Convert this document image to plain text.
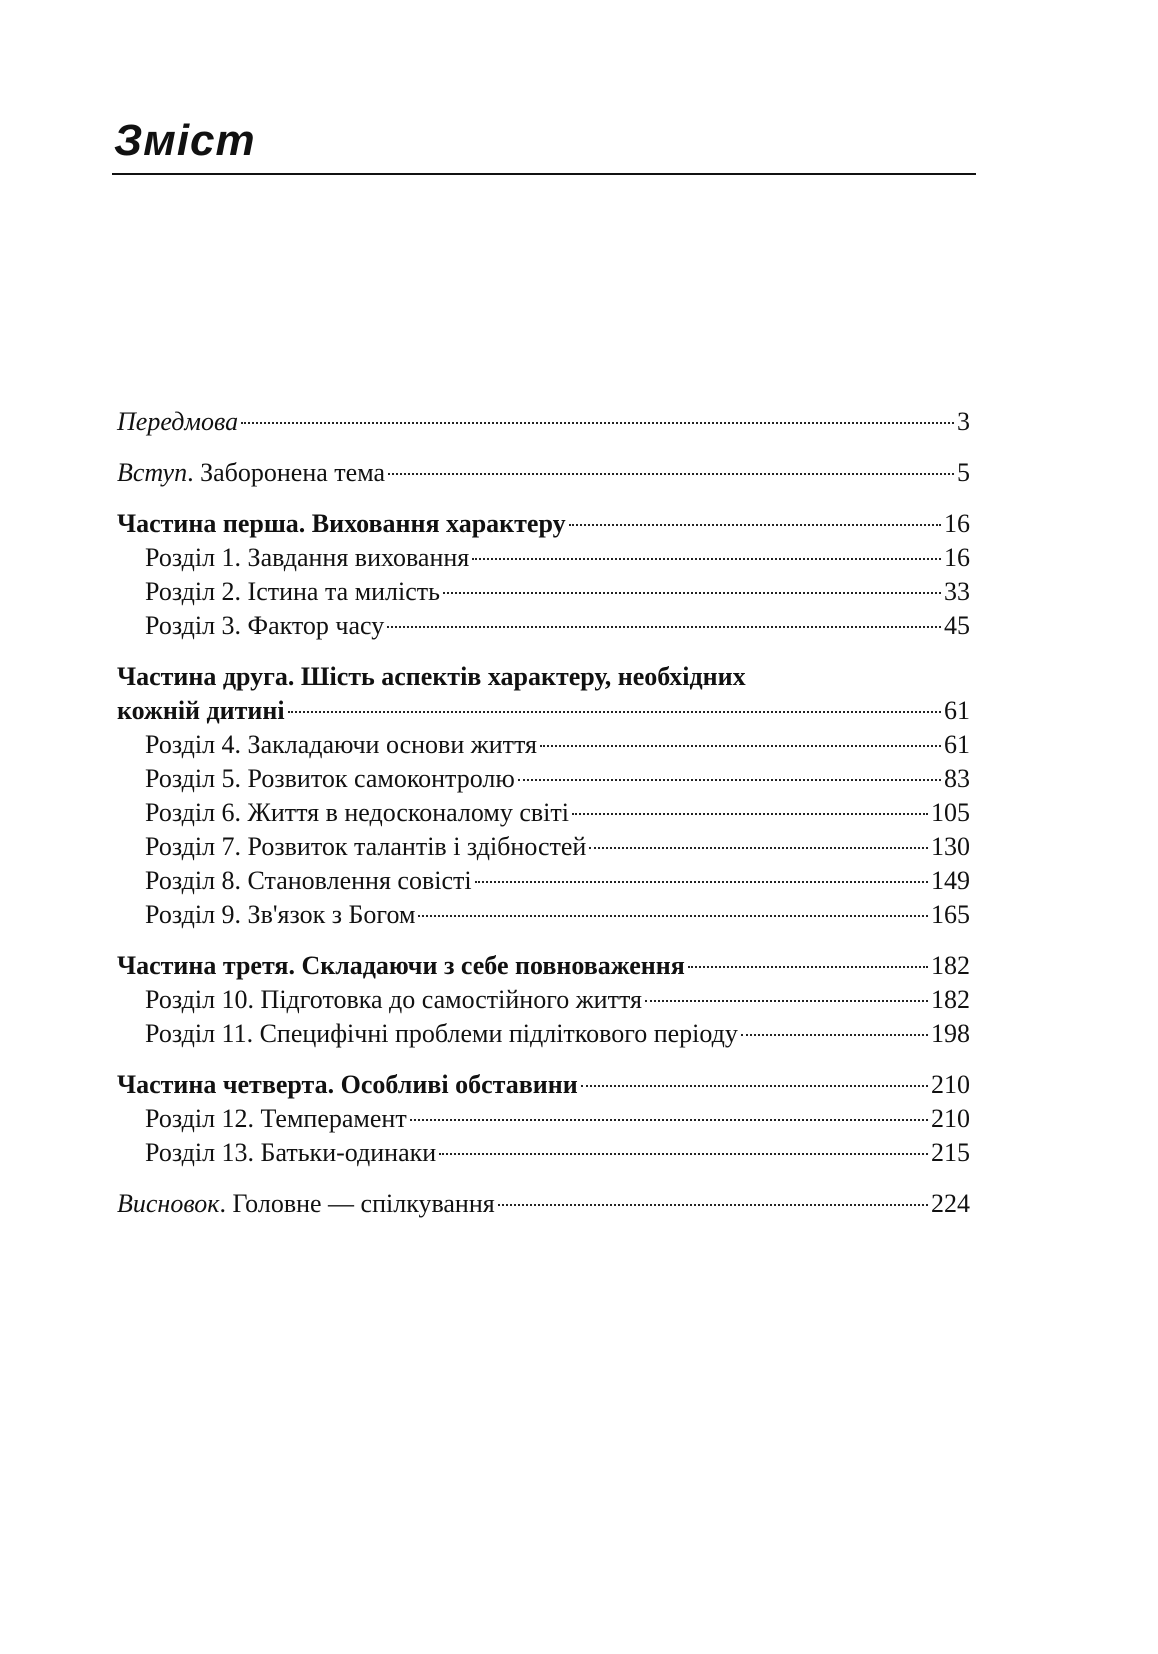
Зміст
Передмова	3
Вступ. Заборонена тема	5
Частина перша. Виховання характеру	16
Розділ 1. Завдання виховання	16
Розділ 2. Істина та милість	33
Розділ 3. Фактор часу	45
Частина друга. Шість аспектів характеру, необхідних
кожній дитині	61
Розділ 4. Закладаючи основи життя	61
Розділ 5. Розвиток самоконтролю	83
Розділ 6. Життя в недосконалому світі	105
Розділ 7. Розвиток талантів і здібностей	130
Розділ 8. Становлення совісті	149
Розділ 9. Зв'язок з Богом	165
Частина третя. Складаючи з себе повноваження	182
Розділ 10. Підготовка до самостійного життя	182
Розділ 11. Специфічні проблеми підліткового періоду	198
Частина четверта. Особливі обставини	210
Розділ 12. Темперамент	210
Розділ 13. Батьки-одинаки	215
Висновок. Головне — спілкування	224
